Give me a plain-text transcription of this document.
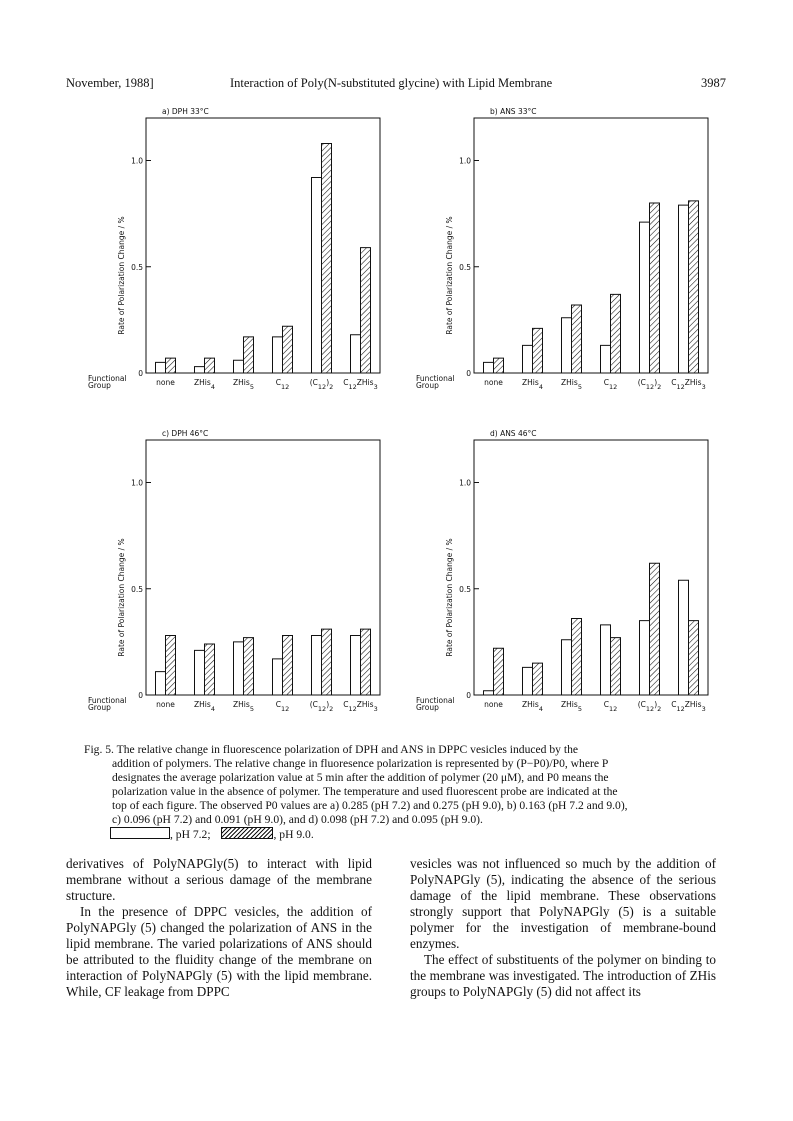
November, 1988]	Interaction of Poly(N-substituted glycine) with Lipid Membrane	3987
a) DPH 33°C
0
0.5
1.0
Rate of Polarization Change / %
Functional
Group	none	ZHis$_4$ ZHis$_5$	$C_{12}$	$(C_{12})_2$ $C_{12}ZHis_3$
b) ANS 33°C
0
0.5
1.0
Rate of Polarization Change / %
Functional
Group	none	ZHis$_4$ ZHis$_5$	$C_{12}$	$(C_{12})_2$ $C_{12}ZHis_3$
c) DPH 46°C
0
0.5
1.0
Rate of Polarization Change / %
Functional
Group	none	ZHis$_4$ ZHis$_5$	$C_{12}$	$(C_{12})_2$ $C_{12}ZHis_3$
d) ANS 46°C
0
0.5
1.0
Rate of Polarization Change / %
Functional
Group	none	ZHis$_4$ ZHis$_5$	$C_{12}$	$(C_{12})_2$ $C_{12}ZHis_3$
Fig. 5. The relative change in fluorescence polarization of DPH and ANS in DPPC vesicles induced by the
addition of polymers. The relative change in fluoresence polarization is represented by (P−P0)/P0, where P
designates the average polarization value at 5 min after the addition of polymer (20 μM), and P0 means the
polarization value in the absence of polymer. The temperature and used fluorescent probe are indicated at the
top of each figure. The observed P0 values are a) 0.285 (pH 7.2) and 0.275 (pH 9.0), b) 0.163 (pH 7.2 and 9.0),
c) 0.096 (pH 7.2) and 0.091 (pH 9.0), and d) 0.098 (pH 7.2) and 0.095 (pH 9.0).
, pH 7.2;	, pH 9.0.

derivatives of PolyNAPGly(5) to interact with lipid membrane without a serious damage of the membrane structure.

In the presence of DPPC vesicles, the addition of PolyNAPGly (5) changed the polarization of ANS in the lipid membrane. The varied polarizations of ANS should be attributed to the fluidity change of the membrane on interaction of PolyNAPGly (5) with the lipid membrane. While, CF leakage from DPPC

vesicles was not influenced so much by the addition of PolyNAPGly (5), indicating the absence of the serious damage of the lipid membrane. These observations strongly support that PolyNAPGly (5) is a suitable polymer for the investigation of membrane-bound enzymes.

The effect of substituents of the polymer on binding to the membrane was investigated. The introduction of ZHis groups to PolyNAPGly (5) did not affect its
